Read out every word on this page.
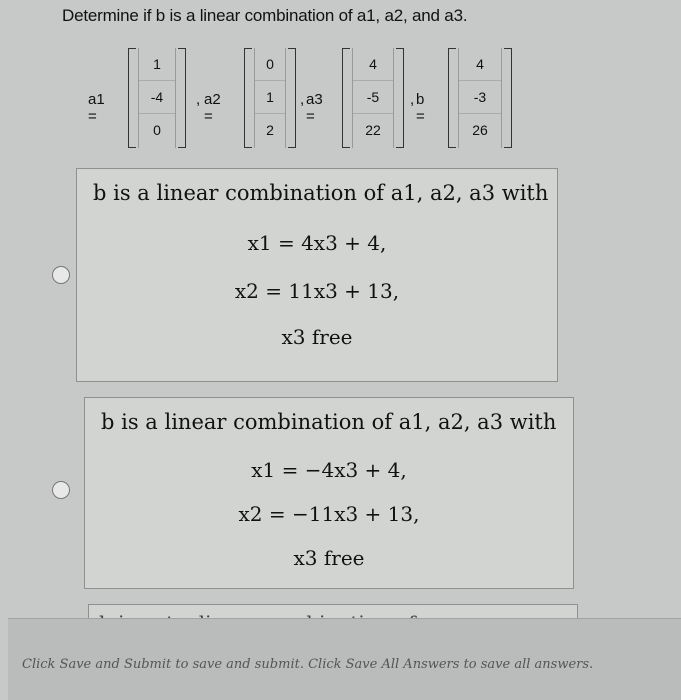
Determine if b is a linear combination of a1, a2, and a3.
a1 =
1
-4
0
, a2 =
0
1
2
, a3 =
4
-5
22
, b =
4
-3
26
b is a linear combination of a1, a2, a3 with
x1 = 4x3 + 4,
x2 = 11x3 + 13,
x3 free
b is a linear combination of a1, a2, a3 with
x1 = −4x3 + 4,
x2 = −11x3 + 13,
x3 free

Click Save and Submit to save and submit. Click Save All Answers to save all answers.
